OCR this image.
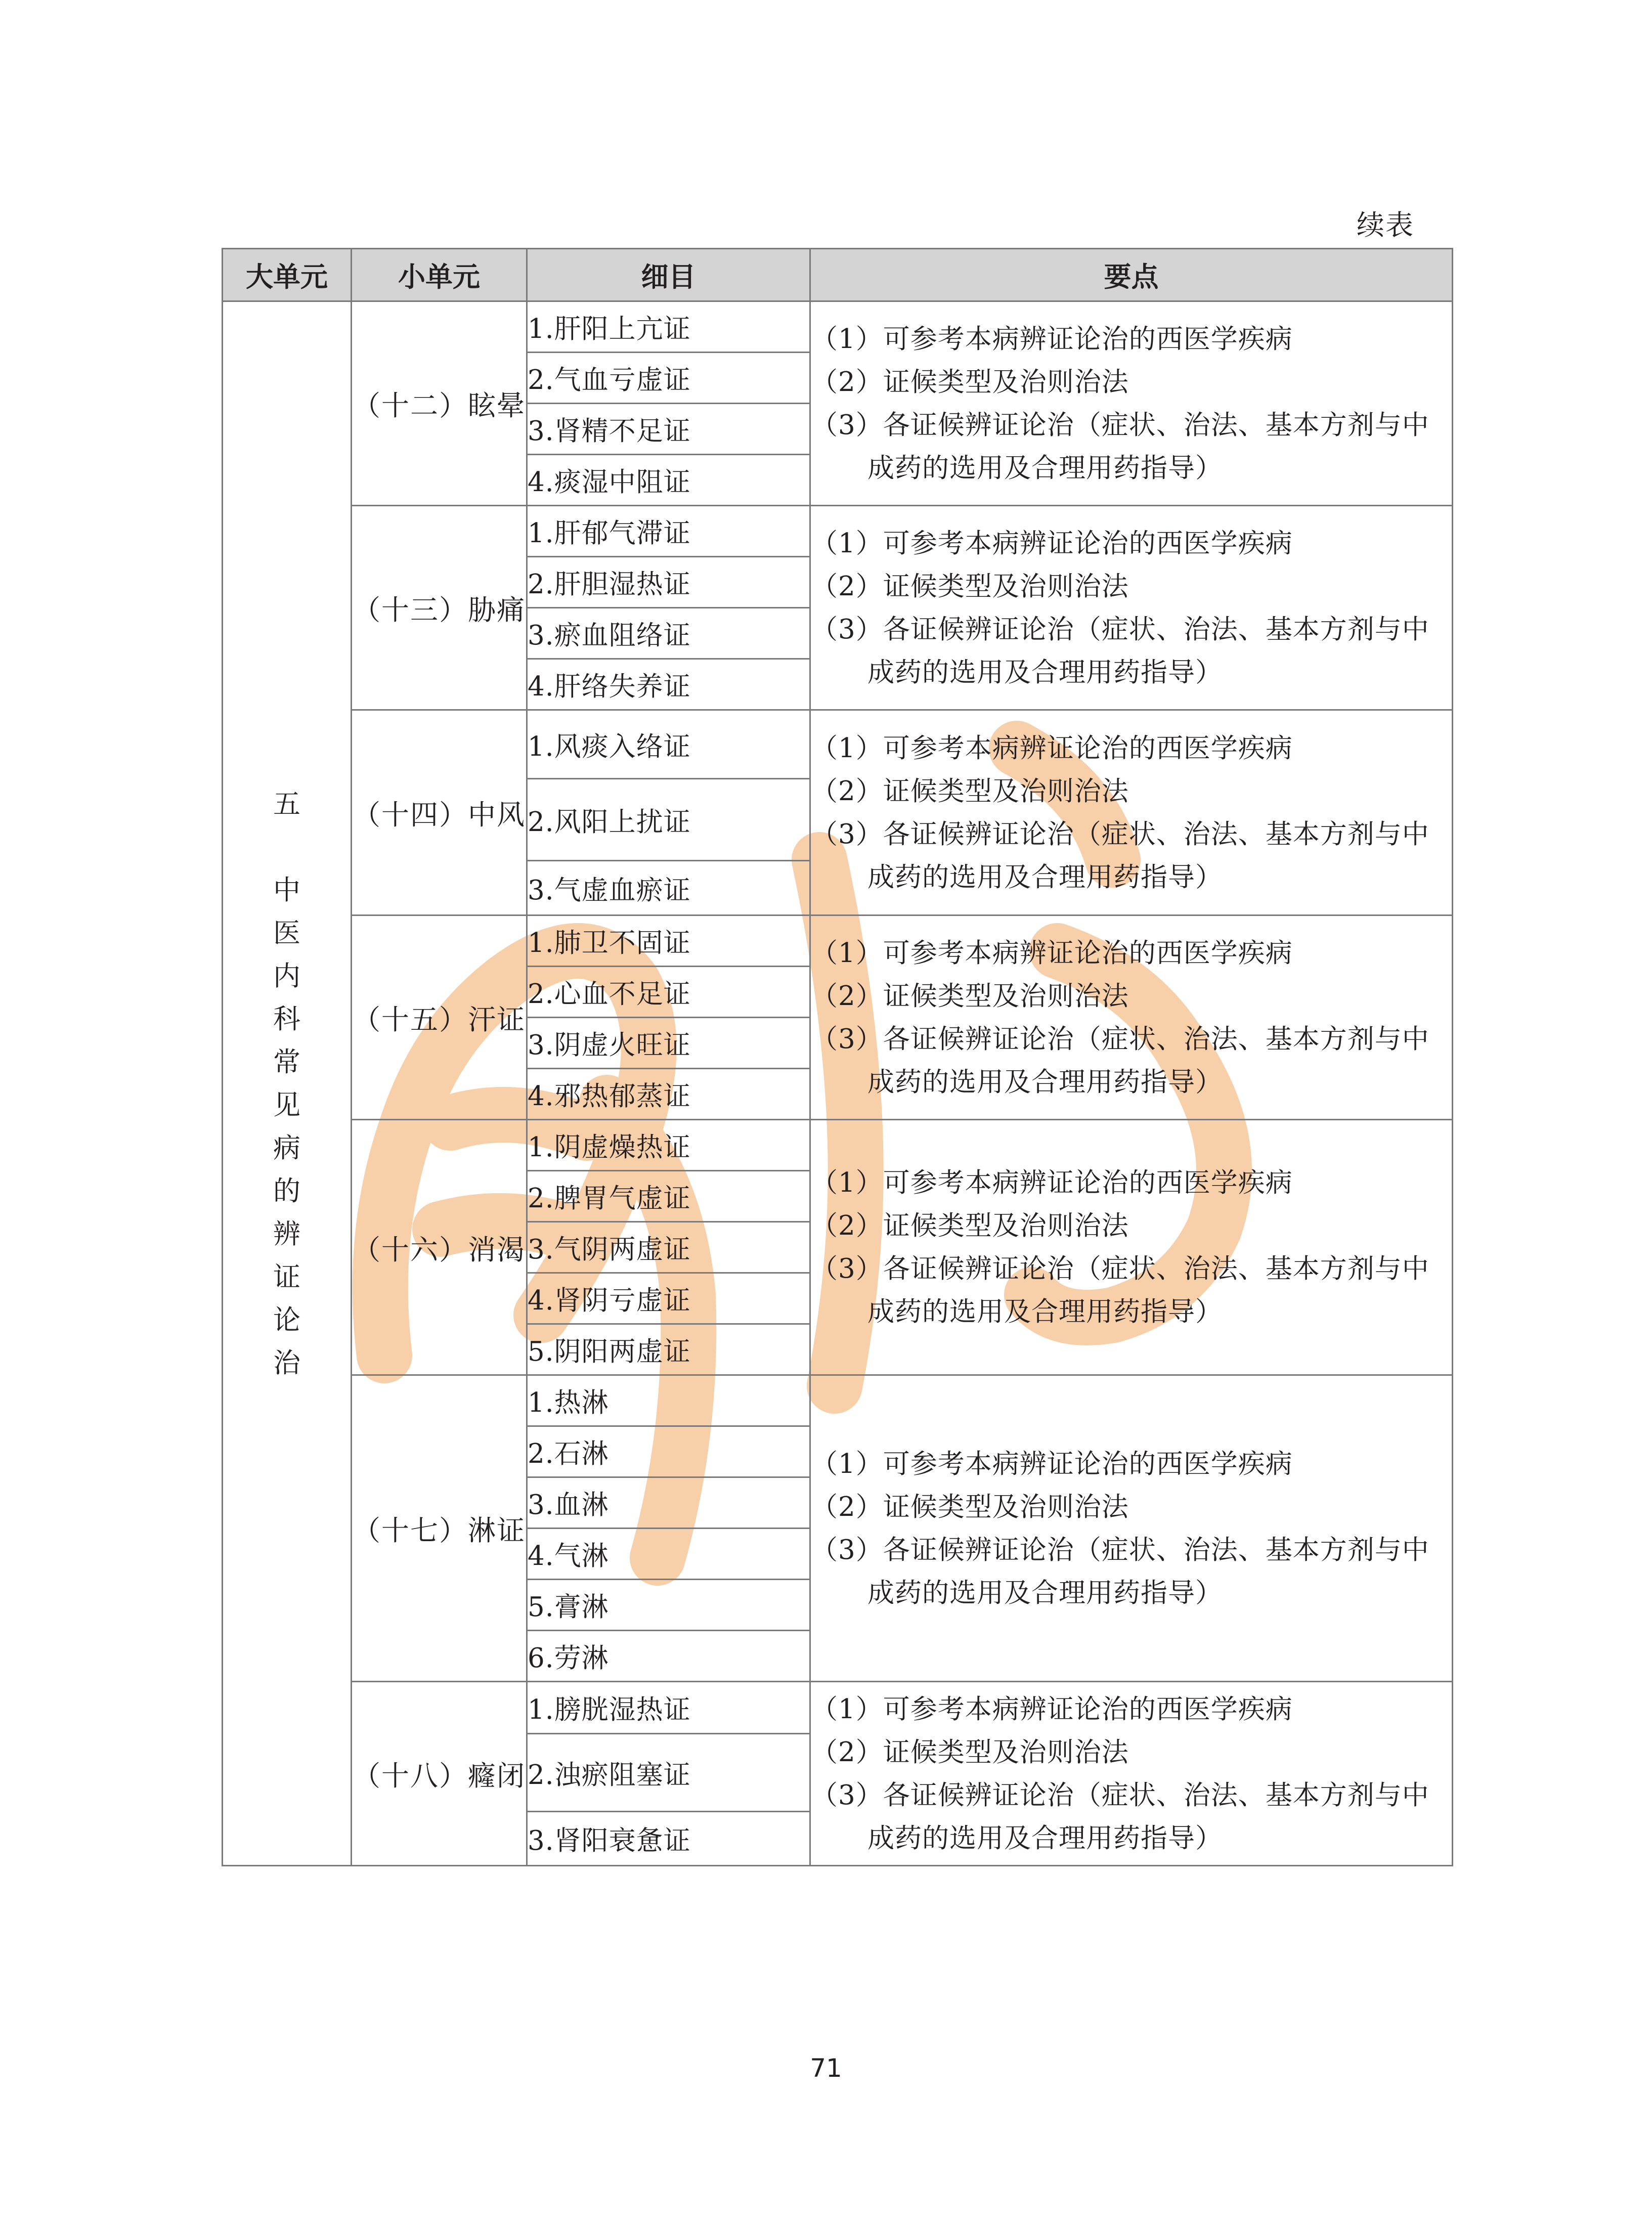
续表
大单元	小单元	细目	要点
五
中医内科常见病的辨证论治	（十二）眩晕	1.肝阳上亢证	（1）可参考本病辨证论治的西医学疾病
（2）证候类型及治则治法
（3）各证候辨证论治（症状、治法、基本方剂与中
成药的选用及合理用药指导）

		2.气血亏虚证	
		3.肾精不足证	
		4.痰湿中阻证	
	（十三）胁痛	1.肝郁气滞证	（1）可参考本病辨证论治的西医学疾病
（2）证候类型及治则治法
（3）各证候辨证论治（症状、治法、基本方剂与中
成药的选用及合理用药指导）

		2.肝胆湿热证	
		3.瘀血阻络证	
		4.肝络失养证	
	（十四）中风	1.风痰入络证	（1）可参考本病辨证论治的西医学疾病
（2）证候类型及治则治法
（3）各证候辨证论治（症状、治法、基本方剂与中
成药的选用及合理用药指导）

		2.风阳上扰证	
		3.气虚血瘀证	
	（十五）汗证	1.肺卫不固证	（1）可参考本病辨证论治的西医学疾病
（2）证候类型及治则治法
（3）各证候辨证论治（症状、治法、基本方剂与中
成药的选用及合理用药指导）

		2.心血不足证	
		3.阴虚火旺证	
		4.邪热郁蒸证	
	（十六）消渴	1.阴虚燥热证	（1）可参考本病辨证论治的西医学疾病
（2）证候类型及治则治法
（3）各证候辨证论治（症状、治法、基本方剂与中
成药的选用及合理用药指导）

		2.脾胃气虚证	
		3.气阴两虚证	
		4.肾阴亏虚证	
		5.阴阳两虚证	
	（十七）淋证	1.热淋	（1）可参考本病辨证论治的西医学疾病
（2）证候类型及治则治法
（3）各证候辨证论治（症状、治法、基本方剂与中
成药的选用及合理用药指导）

		2.石淋	
		3.血淋	
		4.气淋	
		5.膏淋	
		6.劳淋	
	（十八）癃闭	1.膀胱湿热证	（1）可参考本病辨证论治的西医学疾病
（2）证候类型及治则治法
（3）各证候辨证论治（症状、治法、基本方剂与中
成药的选用及合理用药指导）

		2.浊瘀阻塞证	
		3.肾阳衰惫证	
71
